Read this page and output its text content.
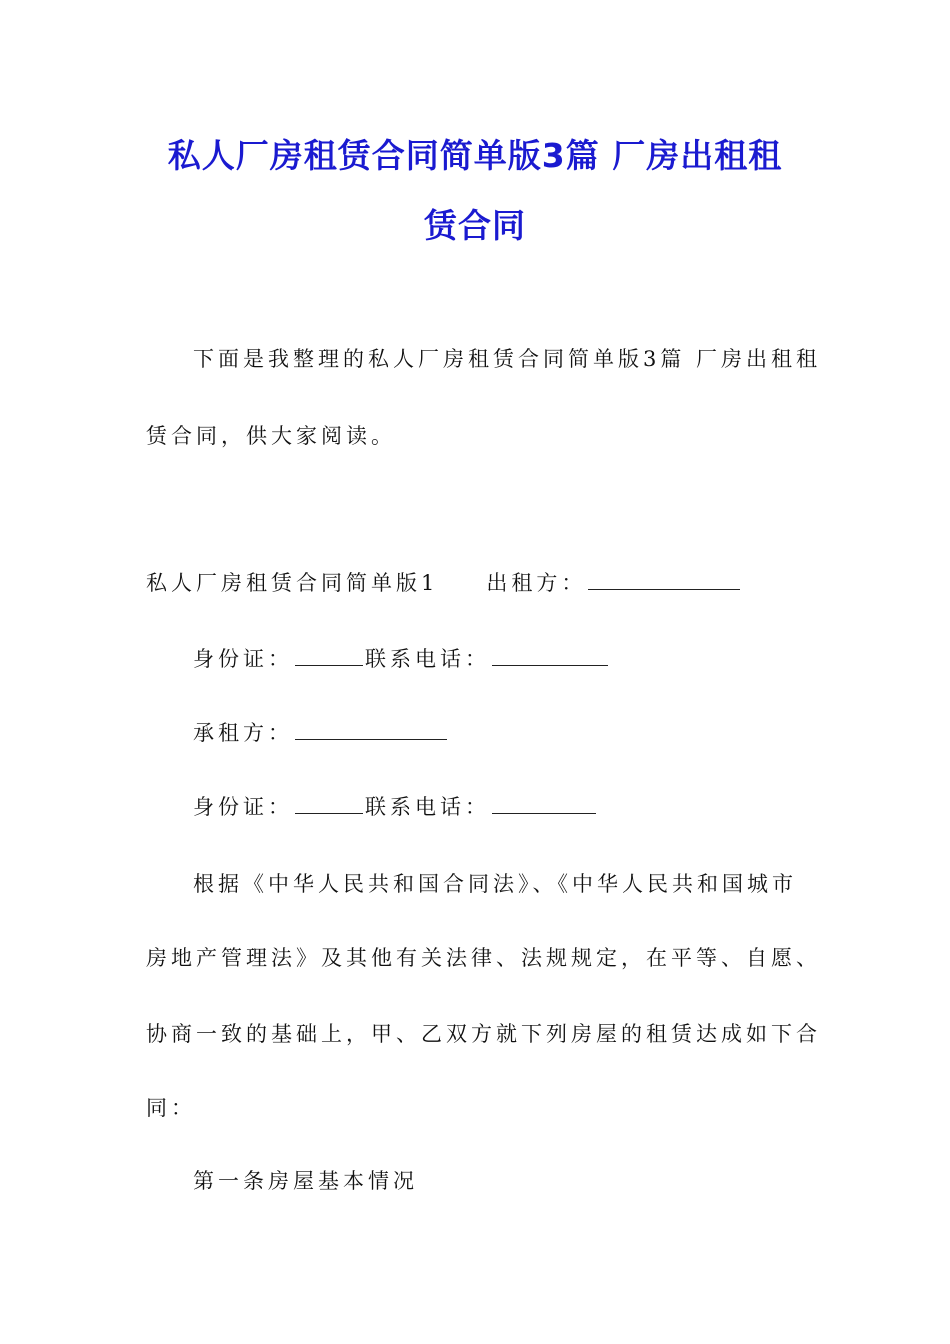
私人厂房租赁合同简单版3篇 厂房出租租
赁合同
下面是我整理的私人厂房租赁合同简单版3篇 厂房出租租
赁合同，供大家阅读。
私人厂房租赁合同简单版1 出租方：
身份证：	联系电话：
承租方：
身份证：	联系电话：
根据《中华人民共和国合同法》、《中华人民共和国城市
房地产管理法》及其他有关法律、法规规定，在平等、自愿、
协商一致的基础上，甲、乙双方就下列房屋的租赁达成如下合
同：
第一条房屋基本情况
